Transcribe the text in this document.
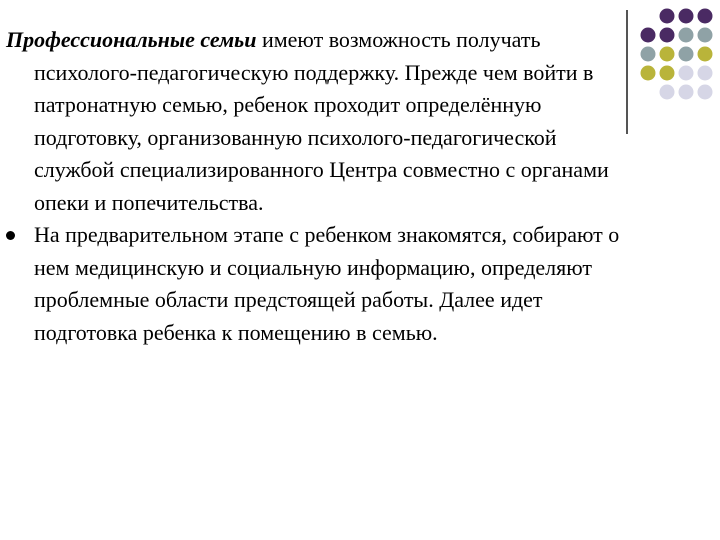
Профессиональные семьи имеют возможность получать психолого-педагогическую поддержку. Прежде чем войти в патронатную семью, ребенок проходит определённую подготовку, организованную психолого-педагогической службой специализированного Центра совместно с органами опеки и попечительства.

На предварительном этапе с ребенком знакомятся, собирают о нем медицинскую и социальную информацию, определяют проблемные области предстоящей работы. Далее идет подготовка ребенка к помещению в семью.
